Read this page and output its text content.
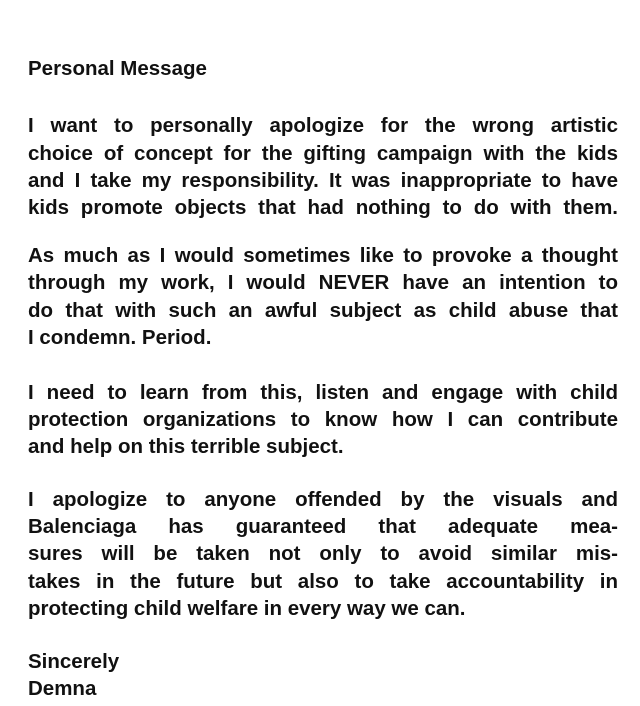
Personal Message
I want to personally apologize for the wrong artistic
choice of concept for the gifting campaign with the kids
and I take my responsibility. It was inappropriate to have
kids promote objects that had nothing to do with them.
As much as I would sometimes like to provoke a thought
through my work, I would NEVER have an intention to
do that with such an awful subject as child abuse that
I condemn. Period.
I need to learn from this, listen and engage with child
protection organizations to know how I can contribute
and help on this terrible subject.
I apologize to anyone offended by the visuals and
Balenciaga has guaranteed that adequate mea-
sures will be taken not only to avoid similar mis-
takes in the future but also to take accountability in
protecting child welfare in every way we can.
Sincerely
Demna
